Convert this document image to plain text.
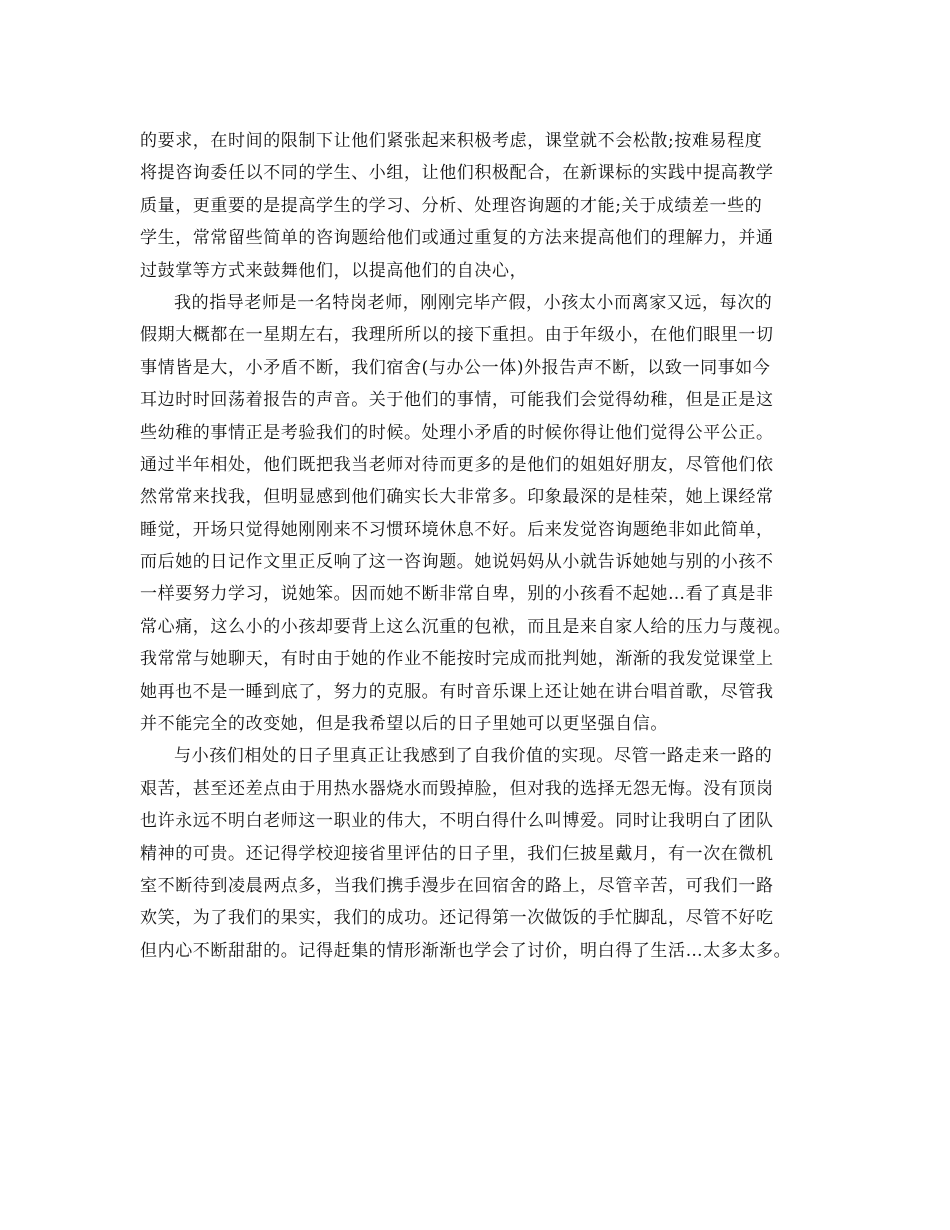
的要求，在时间的限制下让他们紧张起来积极考虑，课堂就不会松散;按难易程度
将提咨询委任以不同的学生、小组，让他们积极配合，在新课标的实践中提高教学
质量，更重要的是提高学生的学习、分析、处理咨询题的才能;关于成绩差一些的
学生，常常留些简单的咨询题给他们或通过重复的方法来提高他们的理解力，并通
过鼓掌等方式来鼓舞他们，以提高他们的自决心，
我的指导老师是一名特岗老师，刚刚完毕产假，小孩太小而离家又远，每次的
假期大概都在一星期左右，我理所所以的接下重担。由于年级小，在他们眼里一切
事情皆是大，小矛盾不断，我们宿舍(与办公一体)外报告声不断，以致一同事如今
耳边时时回荡着报告的声音。关于他们的事情，可能我们会觉得幼稚，但是正是这
些幼稚的事情正是考验我们的时候。处理小矛盾的时候你得让他们觉得公平公正。
通过半年相处，他们既把我当老师对待而更多的是他们的姐姐好朋友，尽管他们依
然常常来找我，但明显感到他们确实长大非常多。印象最深的是桂荣，她上课经常
睡觉，开场只觉得她刚刚来不习惯环境休息不好。后来发觉咨询题绝非如此简单，
而后她的日记作文里正反响了这一咨询题。她说妈妈从小就告诉她她与别的小孩不
一样要努力学习，说她笨。因而她不断非常自卑，别的小孩看不起她…看了真是非
常心痛，这么小的小孩却要背上这么沉重的包袱，而且是来自家人给的压力与蔑视。
我常常与她聊天，有时由于她的作业不能按时完成而批判她，渐渐的我发觉课堂上
她再也不是一睡到底了，努力的克服。有时音乐课上还让她在讲台唱首歌，尽管我
并不能完全的改变她，但是我希望以后的日子里她可以更坚强自信。
与小孩们相处的日子里真正让我感到了自我价值的实现。尽管一路走来一路的
艰苦，甚至还差点由于用热水器烧水而毁掉脸，但对我的选择无怨无悔。没有顶岗
也许永远不明白老师这一职业的伟大，不明白得什么叫博爱。同时让我明白了团队
精神的可贵。还记得学校迎接省里评估的日子里，我们仨披星戴月，有一次在微机
室不断待到凌晨两点多，当我们携手漫步在回宿舍的路上，尽管辛苦，可我们一路
欢笑，为了我们的果实，我们的成功。还记得第一次做饭的手忙脚乱，尽管不好吃
但内心不断甜甜的。记得赶集的情形渐渐也学会了讨价，明白得了生活…太多太多。
